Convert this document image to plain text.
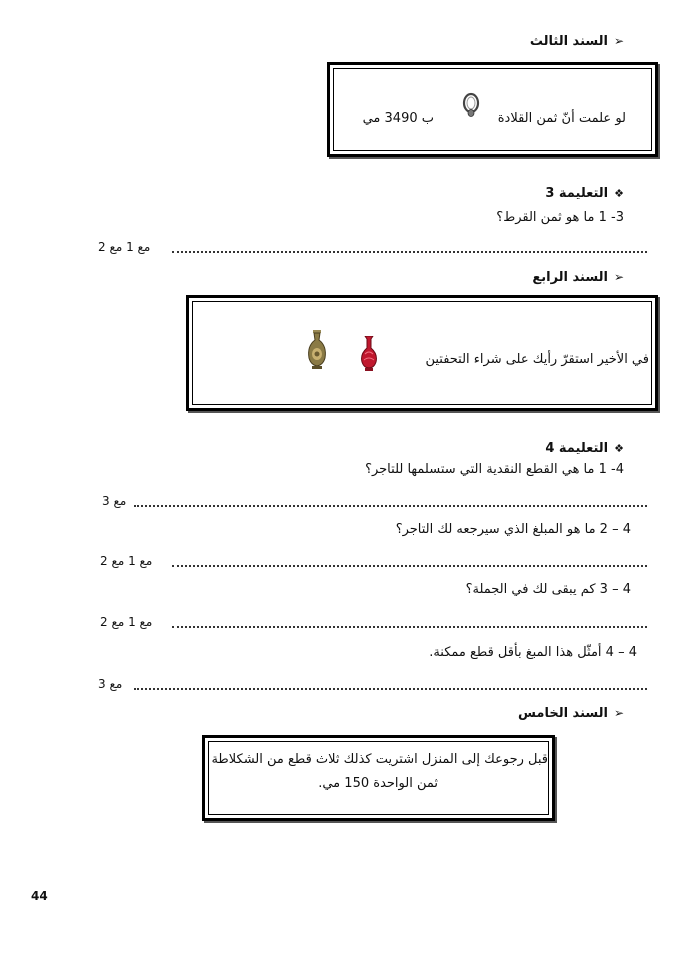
➢السند الثالث
لو علمت أنّ ثمن القلادة
ب 3490 مي
❖التعليمة 3
3- 1 ما هو ثمن القرط؟
مع 1 مع 2
➢السند الرابع
في الأخير استقرّ رأيك على شراء التحفتين
❖التعليمة 4
4- 1 ما هي القطع النقدية التي ستسلمها للتاجر؟
مع 3
4 – 2 ما هو المبلغ الذي سيرجعه لك التاجر؟
مع 1 مع 2
4 – 3 كم يبقى لك في الجملة؟
مع 1 مع 2
4 – 4 أمثّل هذا المبغ بأقل قطع ممكنة.
مع 3
➢السند الخامس
قبل رجوعك إلى المنزل اشتريت كذلك ثلاث قطع من الشكلاطة
ثمن الواحدة 150 مي.
44
